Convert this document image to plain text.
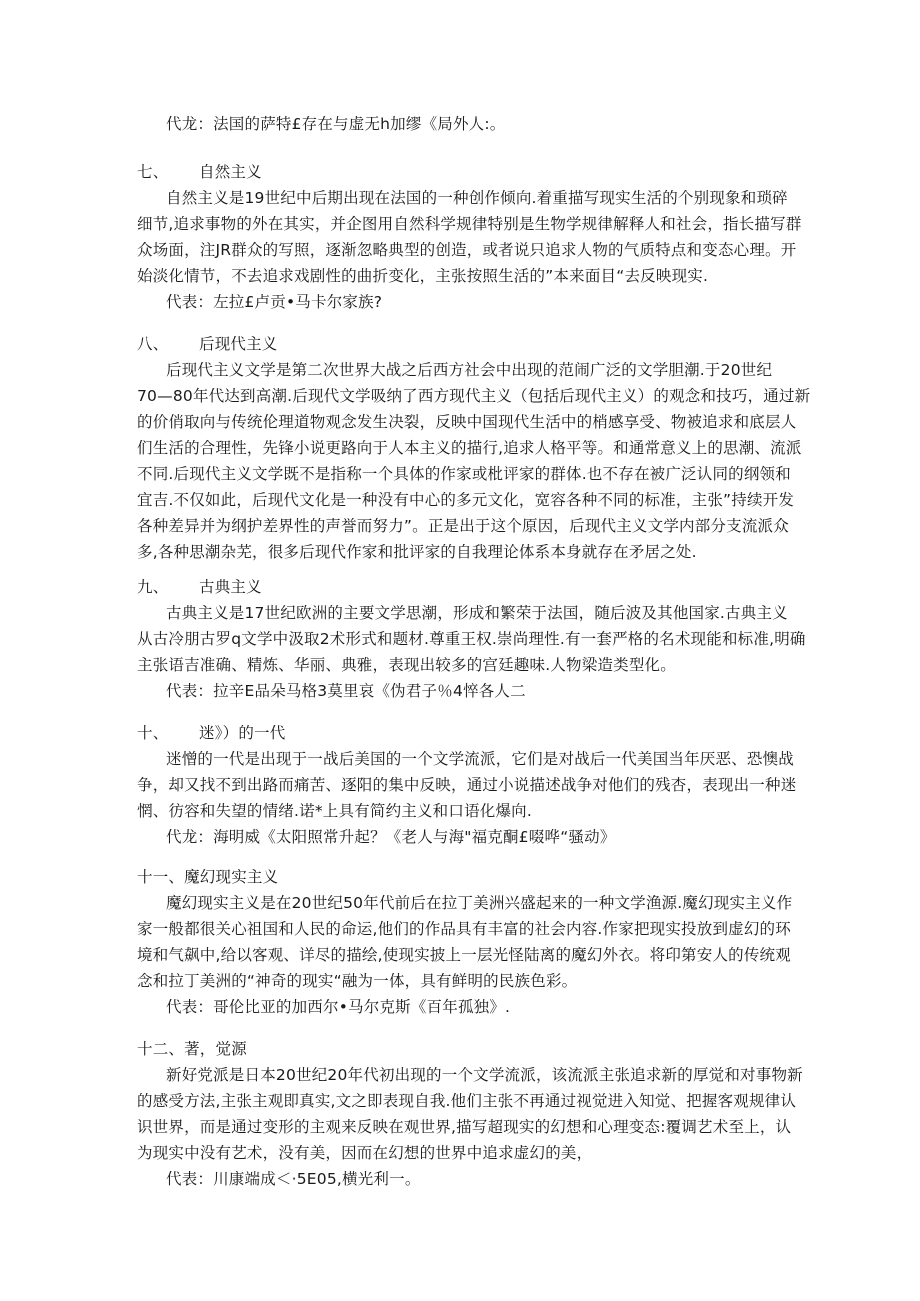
代龙：法国的萨特£存在与虚无h加缪《局外人:。
七、 自然主义
自然主义是19世纪中后期出现在法国的一种创作倾向.着重描写现实生活的个别现象和琐碎
细节,追求事物的外在其实，并企图用自然科学规律特别是生物学规律解释人和社会，指长描写群
众场面，注JR群众的写照，逐渐忽略典型的创造，或者说只追求人物的气质特点和变态心理。开
始淡化情节，不去追求戏剧性的曲折变化，主张按照生活的”本来面目“去反映现实.
代表：左拉£卢贡•马卡尔家族?
八、 后现代主义
后现代主义文学是第二次世界大战之后西方社会中出现的范闹广泛的文学胆潮.于20世纪
70—80年代达到高潮.后现代文学吸纳了西方现代主义（包括后现代主义）的观念和技巧，通过新
的价俏取向与传统伦理道物观念发生决裂，反映中国现代生活中的梢感享受、物被追求和底层人
们生活的合理性，先锋小说更路向于人本主义的描行,追求人格平等。和通常意义上的思潮、流派
不同.后现代主义文学既不是指称一个具体的作家或枇评家的群体.也不存在被广泛认同的纲领和
宜吉.不仅如此，后现代文化是一种没有中心的多元文化，宽容各种不同的标准，主张”持续开发
各种差异并为纲护差界性的声誉而努力”。正是出于这个原因，后现代主义文学内部分支流派众
多,各种思潮杂芜，很多后现代作家和批评家的自我理论体系本身就存在矛居之处.
九、 古典主义
古典主义是17世纪欧洲的主要文学思潮，形成和繁荣于法国，随后波及其他国家.古典主义
从古冷朋古罗q文学中汲取2术形式和题材.尊重王权.崇尚理性.有一套严格的名术现能和标准,明确
主张语吉准确、精炼、华丽、典雅，表现出较多的宫廷趣味.人物梁造类型化。
代表：拉辛E品朵马格3莫里哀《伪君子％4悴各人二
十、 迷》）的一代
迷憎的一代是出现于一战后美国的一个文学流派，它们是对战后一代美国当年厌恶、恐懊战
争，却又找不到出路而痛苦、逐阳的集中反映，通过小说描述战争对他们的残杏，表现出一种迷
惘、彷容和失望的情绪.诺*上具有简约主义和口语化爆向.
代龙：海明威《太阳照常升起？《老人与海"福克酮£啜哗“骚动》
十一、魔幻现实主义
魔幻现实主义是在20世纪50年代前后在拉丁美洲兴盛起来的一种文学渔源.魔幻现实主义作
家一般都很关心祖国和人民的命运,他们的作品具有丰富的社会内容.作家把现实投放到虚幻的环
境和气飙中,给以客观、详尽的描绘,使现实披上一层光怪陆离的魔幻外衣。将印第安人的传统观
念和拉丁美洲的“神奇的现实“融为一体，具有鲜明的民族色彩。
代表：哥伦比亚的加西尔•马尔克斯《百年孤独》.
十二、著，觉源
新好党派是日本20世纪20年代初出现的一个文学流派，该流派主张追求新的厚觉和对事物新
的感受方法,主张主观即真实,文之即表现自我.他们主张不再通过视觉进入知觉、把握客观规律认
识世界，而是通过变形的主观来反映在观世界,描写超现实的幻想和心理变态:覆调艺术至上，认
为现实中没有艺术，没有美，因而在幻想的世界中追求虚幻的美，
代表：川康端成＜·5E05,横光利一。
